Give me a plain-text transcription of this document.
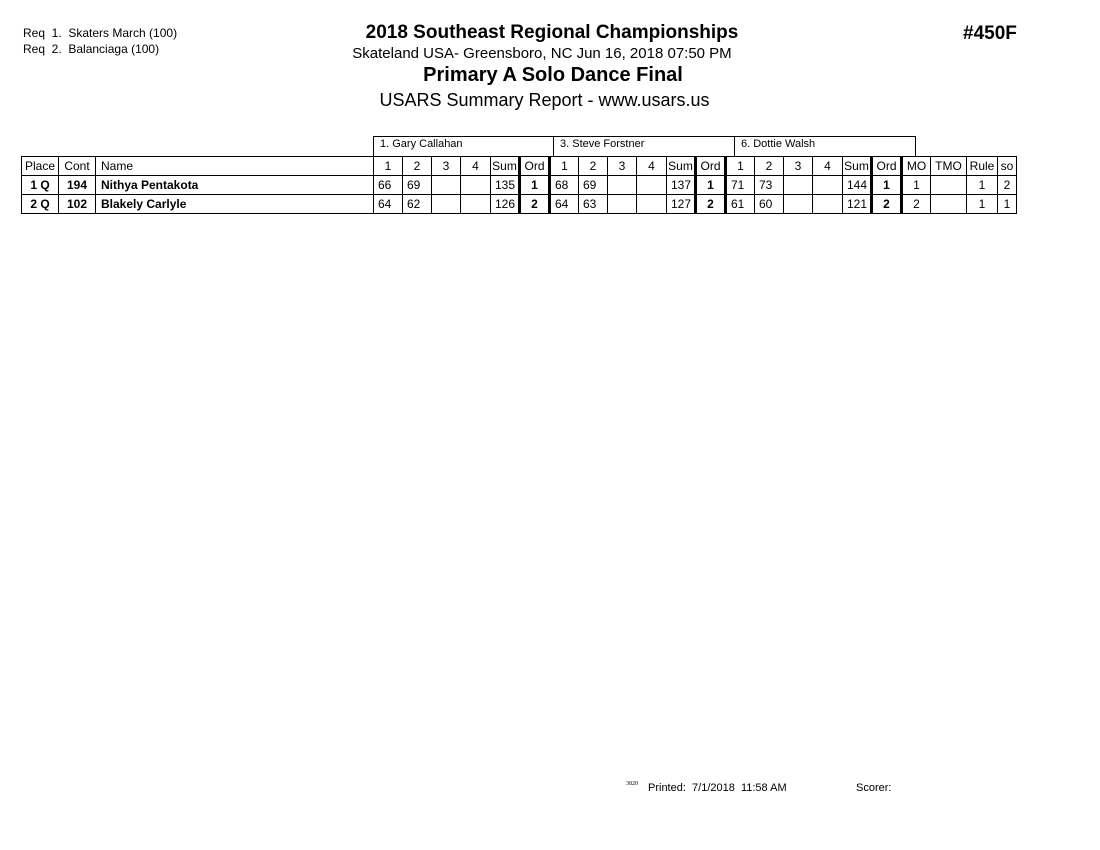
Req  1.  Skaters March (100)
Req  2.  Balanciaga (100)
#450F
2018 Southeast Regional Championships
Skateland USA- Greensboro, NC Jun 16, 2018 07:50 PM
Primary A Solo Dance Final
USARS Summary Report - www.usars.us
1. Gary Callahan	3. Steve Forstner	6. Dottie Walsh
Place	Cont	Name	1	2	3	4	Sum	Ord	1	2	3	4	Sum	Ord	1	2	3	4	Sum	Ord	MO	TMO	Rule	so
1 Q	194	Nithya Pentakota	66	69			135	1	68	69			137	1	71	73			144	1	1		1	2
2 Q	102	Blakely Carlyle	64	62			126	2	64	63			127	2	61	60			121	2	2		1	1
3820 Printed:  7/1/2018  11:58 AM	Scorer:
